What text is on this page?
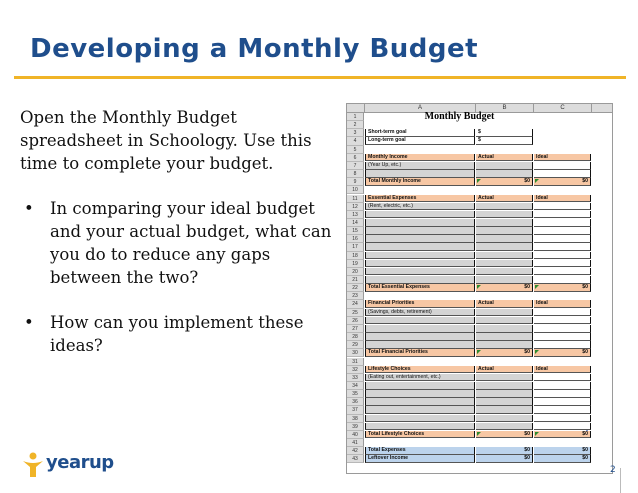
Developing a Monthly Budget

Open the Monthly Budget spreadsheet in Schoology. Use this time to complete your budget.

• In comparing your ideal budget and your actual budget, what can you do to reduce any gaps between the two?
• How can you implement these ideas?
A	B	C
1	Monthly Budget
2
3	Short-term goal	$
4	Long-term goal	$
5
6	Monthly Income	Actual	Ideal
7	(Year Up, etc.)
8
9	Total Monthly Income	$0	$0
10
11	Essential Expenses	Actual	Ideal
12	(Rent, electric, etc.)
13
14
15
16
17
18
19
20
21
22	Total Essential Expenses	$0	$0
23
24	Financial Priorities	Actual	Ideal
25	(Savings, debts, retirement)
26
27
28
29
30	Total Financial Priorities	$0	$0
31
32	Lifestyle Choices	Actual	Ideal
33	(Eating out, entertainment, etc.)
34
35
36
37
38
39
40	Total Lifestyle Choices	$0	$0
41
42	Total Expenses	$0	$0
43	Leftover Income	$0	$0
yearup	2
